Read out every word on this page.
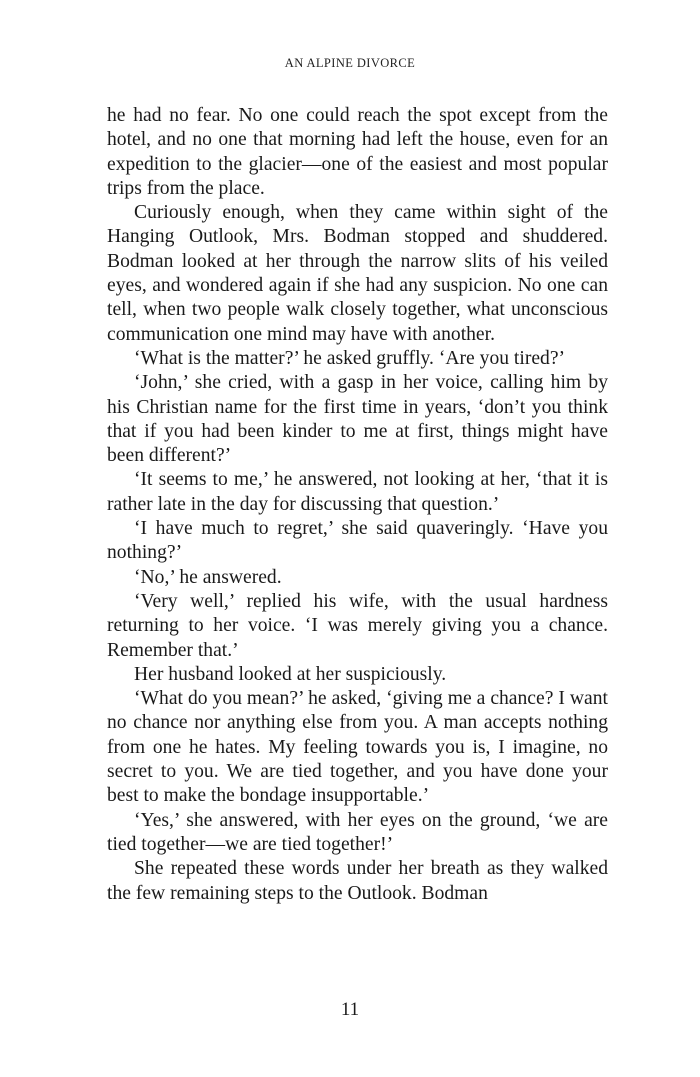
AN ALPINE DIVORCE

he had no fear. No one could reach the spot except from the hotel, and no one that morning had left the house, even for an expedition to the glacier—one of the easiest and most popular trips from the place.

Curiously enough, when they came within sight of the Hanging Outlook, Mrs. Bodman stopped and shuddered. Bodman looked at her through the narrow slits of his veiled eyes, and wondered again if she had any suspicion. No one can tell, when two people walk closely together, what unconscious communication one mind may have with another.

‘What is the matter?’ he asked gruffly. ‘Are you tired?’

‘John,’ she cried, with a gasp in her voice, calling him by his Christian name for the first time in years, ‘don’t you think that if you had been kinder to me at first, things might have been different?’

‘It seems to me,’ he answered, not looking at her, ‘that it is rather late in the day for discussing that question.’

‘I have much to regret,’ she said quaveringly. ‘Have you nothing?’

‘No,’ he answered.

‘Very well,’ replied his wife, with the usual hardness returning to her voice. ‘I was merely giving you a chance. Remember that.’

Her husband looked at her suspiciously.

‘What do you mean?’ he asked, ‘giving me a chance? I want no chance nor anything else from you. A man accepts nothing from one he hates. My feeling towards you is, I imagine, no secret to you. We are tied together, and you have done your best to make the bondage insupportable.’

‘Yes,’ she answered, with her eyes on the ground, ‘we are tied together—we are tied together!’

She repeated these words under her breath as they walked the few remaining steps to the Outlook. Bodman

11
